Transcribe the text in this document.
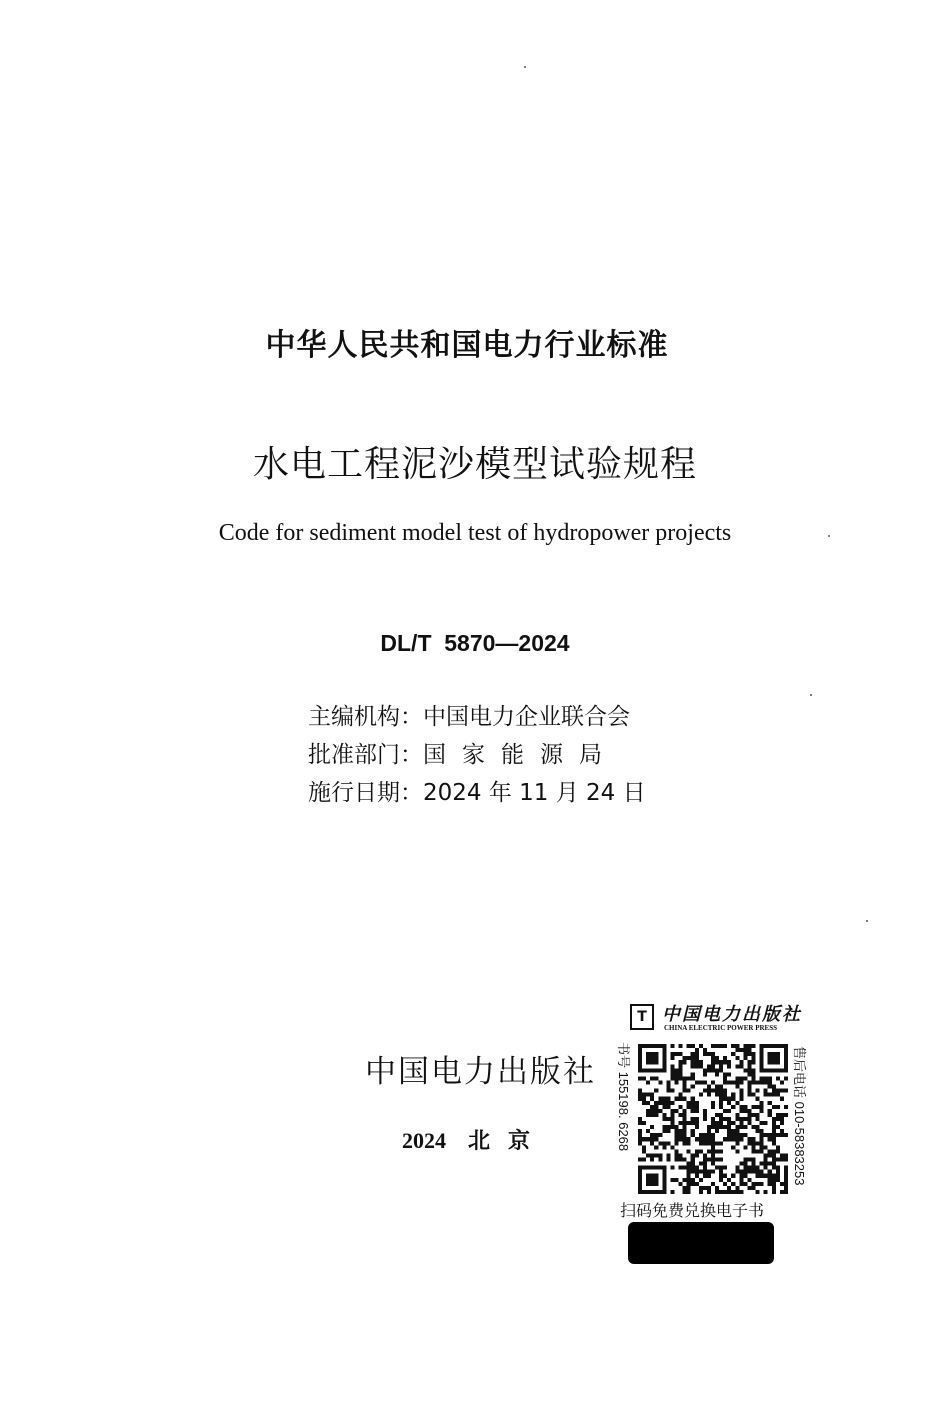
中华人民共和国电力行业标准
水电工程泥沙模型试验规程
Code for sediment model test of hydropower projects
DL/T  5870—2024
主编机构 ： 中国电力企业联合会
批准部门 ： 国家能源局
施行日期 ： 2024 年 11 月 24 日
中国电力出版社
2024 北京
T 中国电力出版社
CHINA ELECTRIC POWER PRESS
书号 155198. 6268	售后电话 010-58383253
扫码免费兑换电子书
